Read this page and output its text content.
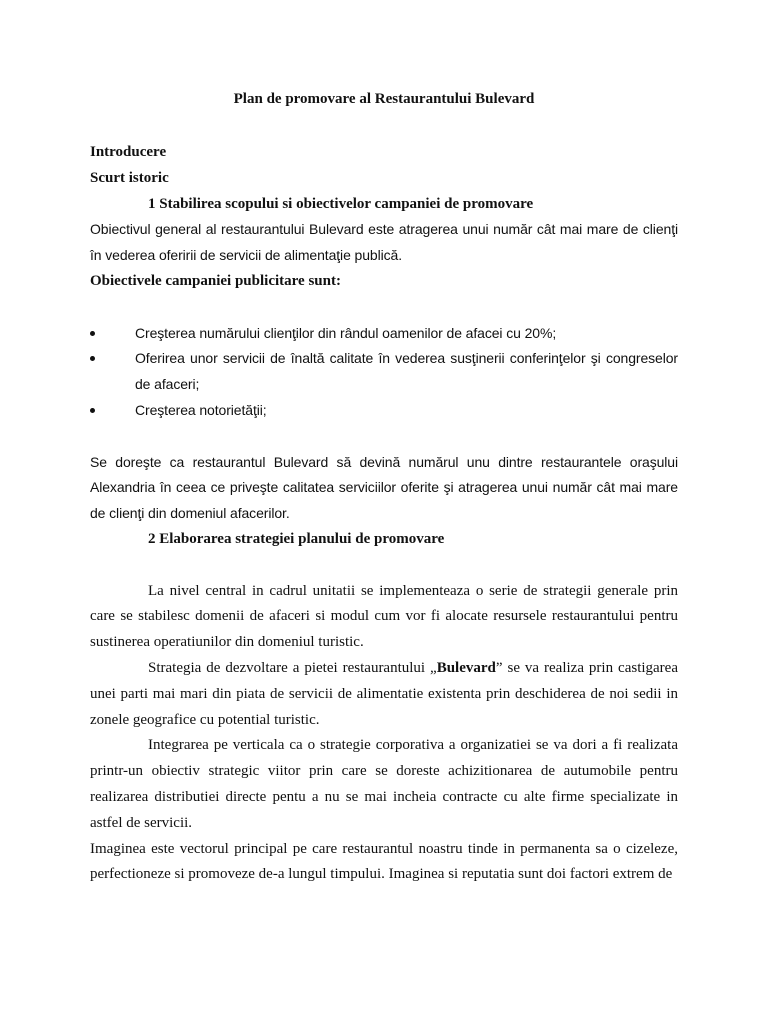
Plan de promovare al Restaurantului Bulevard

Introducere

Scurt istoric

1 Stabilirea scopului si obiectivelor campaniei de promovare

Obiectivul general al restaurantului Bulevard este atragerea unui număr cât mai mare de clienţi în vederea oferirii de servicii de alimentaţie publică.

Obiectivele campaniei publicitare sunt:

Creşterea numărului clienţilor din rândul oamenilor de afacei cu 20%;
Oferirea unor servicii de înaltă calitate în vederea susţinerii conferinţelor şi congreselor de afaceri;
Creşterea notorietăţii;

Se doreşte ca restaurantul Bulevard să devină numărul unu dintre restaurantele oraşului Alexandria în ceea ce priveşte calitatea serviciilor oferite şi atragerea unui număr cât mai mare de clienţi din domeniul afacerilor.

2 Elaborarea strategiei planului de promovare

La nivel central in cadrul unitatii se implementeaza o serie de strategii generale prin care se stabilesc domenii de afaceri si modul cum vor fi alocate resursele restaurantului pentru sustinerea operatiunilor din domeniul turistic.

Strategia de dezvoltare a pietei restaurantului „Bulevard” se va realiza prin castigarea unei parti mai mari din piata de servicii de alimentatie existenta prin deschiderea de noi sedii in zonele geografice cu potential turistic.

Integrarea pe verticala ca o strategie corporativa a organizatiei se va dori a fi realizata printr-un obiectiv strategic viitor prin care se doreste achizitionarea de autumobile pentru realizarea distributiei directe pentu a nu se mai incheia contracte cu alte firme specializate in astfel de servicii.

Imaginea este vectorul principal pe care restaurantul noastru tinde in permanenta sa o cizeleze, perfectioneze si promoveze de-a lungul timpului. Imaginea si reputatia sunt doi factori extrem de
